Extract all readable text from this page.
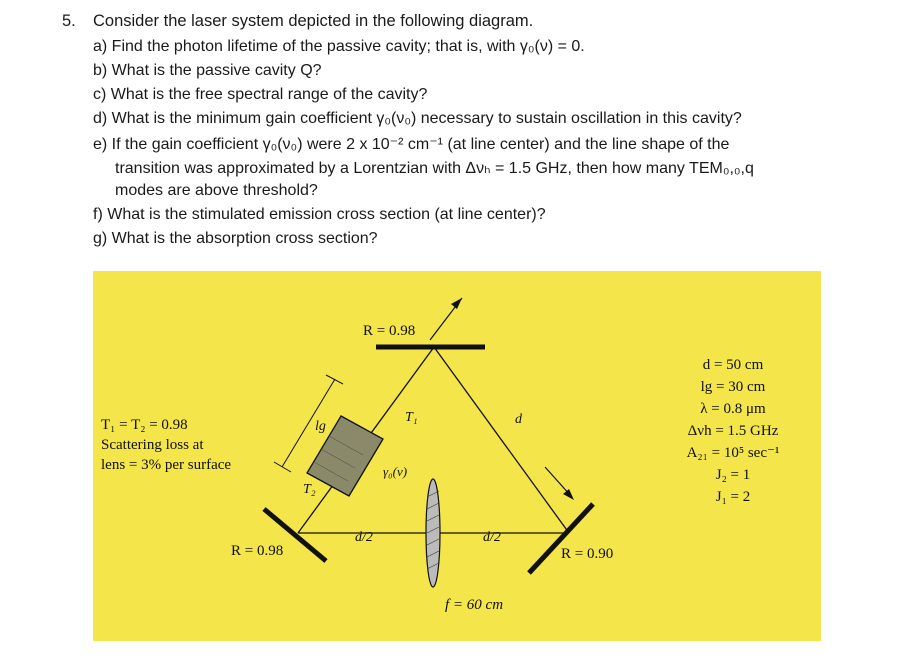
5. Consider the laser system depicted in the following diagram.
a) Find the photon lifetime of the passive cavity; that is, with γ₀(ν) = 0.
b) What is the passive cavity Q?
c) What is the free spectral range of the cavity?
d) What is the minimum gain coefficient γ₀(ν₀) necessary to sustain oscillation in this cavity?
e) If the gain coefficient γ₀(ν₀) were 2 x 10⁻² cm⁻¹ (at line center) and the line shape of the
transition was approximated by a Lorentzian with Δνₕ = 1.5 GHz, then how many TEM₀,₀,q
modes are above threshold?
f) What is the stimulated emission cross section (at line center)?
g) What is the absorption cross section?
T₁ = T₂ = 0.98
Scattering loss at
lens = 3% per surface
R = 0.98
R = 0.98	R = 0.90
lg
T₁
T₂
γ₀(ν)
d
d/2	d/2
f = 60 cm
d = 50 cm
lg = 30 cm
λ = 0.8 μm
Δνh = 1.5 GHz
A₂₁ = 10⁵ sec⁻¹
J₂ = 1
J₁ = 2
